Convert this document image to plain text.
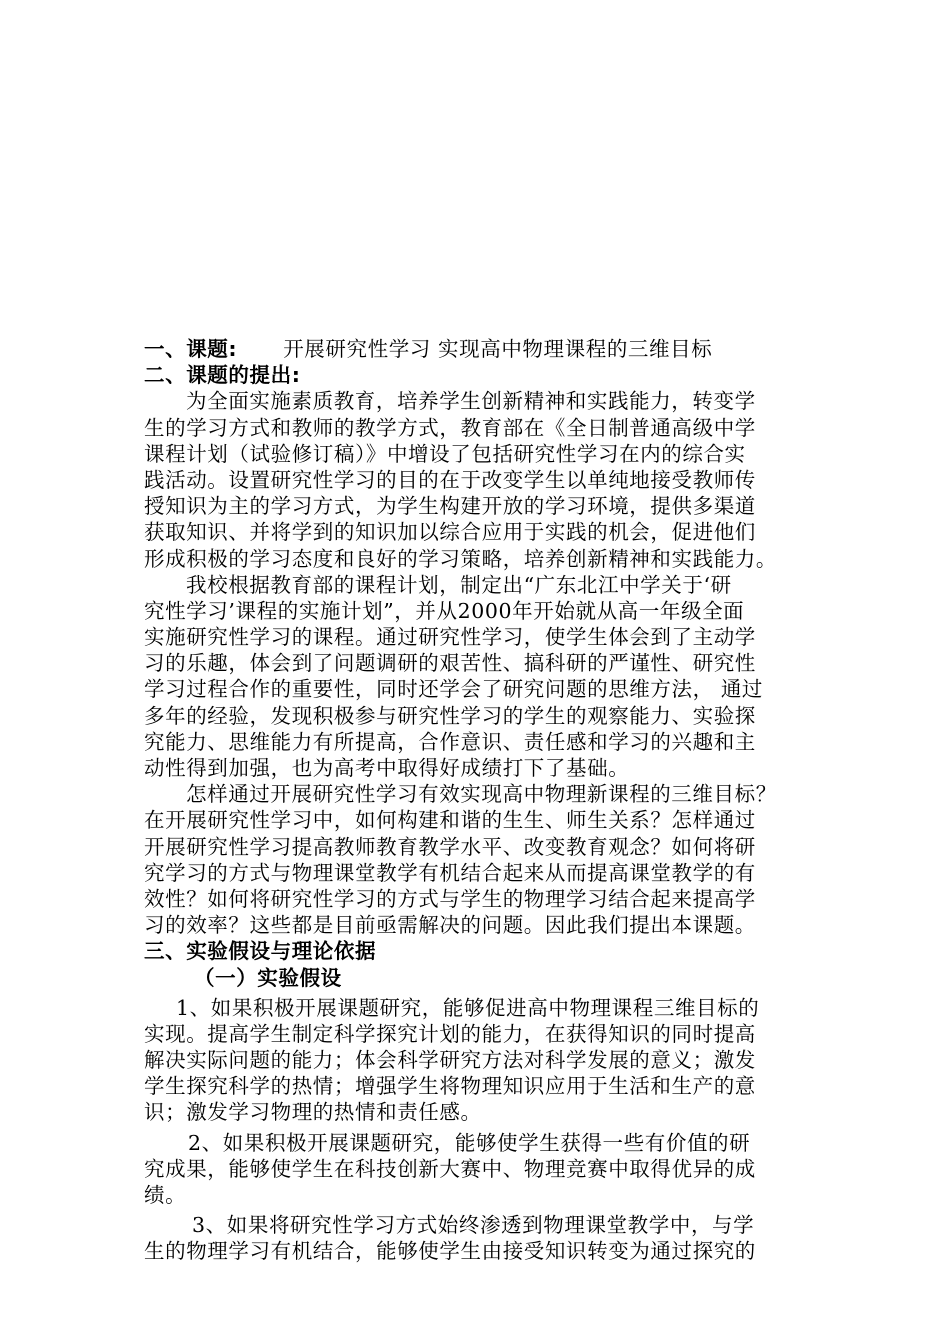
一、课题: 开展研究性学习 实现高中物理课程的三维目标
二、课题的提出:
为全面实施素质教育，培养学生创新精神和实践能力，转变学
生的学习方式和教师的教学方式，教育部在《全日制普通高级中学
课程计划（试验修订稿）》中增设了包括研究性学习在内的综合实
践活动。设置研究性学习的目的在于改变学生以单纯地接受教师传
授知识为主的学习方式，为学生构建开放的学习环境，提供多渠道
获取知识、并将学到的知识加以综合应用于实践的机会，促进他们
形成积极的学习态度和良好的学习策略，培养创新精神和实践能力。
我校根据教育部的课程计划，制定出“广东北江中学关于‘研
究性学习’课程的实施计划”，并从2000年开始就从高一年级全面
实施研究性学习的课程。通过研究性学习，使学生体会到了主动学
习的乐趣，体会到了问题调研的艰苦性、搞科研的严谨性、研究性
学习过程合作的重要性，同时还学会了研究问题的思维方法， 通过
多年的经验，发现积极参与研究性学习的学生的观察能力、实验探
究能力、思维能力有所提高，合作意识、责任感和学习的兴趣和主
动性得到加强，也为高考中取得好成绩打下了基础。
怎样通过开展研究性学习有效实现高中物理新课程的三维目标？
在开展研究性学习中，如何构建和谐的生生、师生关系？怎样通过
开展研究性学习提高教师教育教学水平、改变教育观念？如何将研
究学习的方式与物理课堂教学有机结合起来从而提高课堂教学的有
效性？如何将研究性学习的方式与学生的物理学习结合起来提高学
习的效率？这些都是目前亟需解决的问题。因此我们提出本课题。
三、实验假设与理论依据
（一）实验假设
1、如果积极开展课题研究，能够促进高中物理课程三维目标的
实现。提高学生制定科学探究计划的能力，在获得知识的同时提高
解决实际问题的能力；体会科学研究方法对科学发展的意义；激发
学生探究科学的热情；增强学生将物理知识应用于生活和生产的意
识；激发学习物理的热情和责任感。
2、如果积极开展课题研究，能够使学生获得一些有价值的研
究成果，能够使学生在科技创新大赛中、物理竞赛中取得优异的成
绩。
3、如果将研究性学习方式始终渗透到物理课堂教学中，与学
生的物理学习有机结合，能够使学生由接受知识转变为通过探究的
